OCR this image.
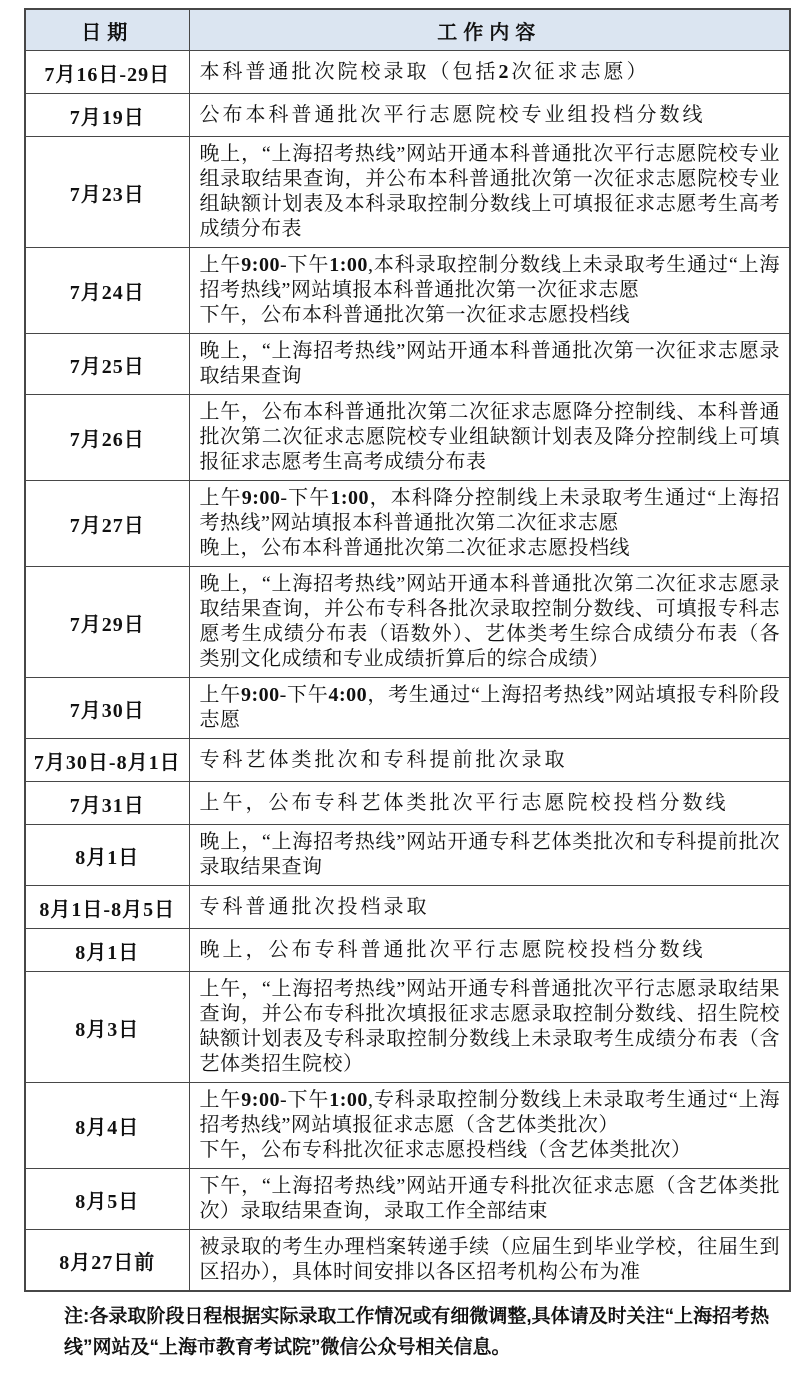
日期	工作内容
7月16日-29日	本科普通批次院校录取（包括2次征求志愿）

7月19日	公布本科普通批次平行志愿院校专业组投档分数线

7月23日	晚上，“上海招考热线”网站开通本科普通批次平行志愿院校专业组录取结果查询，并公布本科普通批次第一次征求志愿院校专业组缺额计划表及本科录取控制分数线上可填报征求志愿考生高考成绩分布表

7月24日	上午9:00-下午1:00,本科录取控制分数线上未录取考生通过“上海招考热线”网站填报本科普通批次第一次征求志愿
下午，公布本科普通批次第一次征求志愿投档线

7月25日	晚上，“上海招考热线”网站开通本科普通批次第一次征求志愿录取结果查询

7月26日	上午，公布本科普通批次第二次征求志愿降分控制线、本科普通批次第二次征求志愿院校专业组缺额计划表及降分控制线上可填报征求志愿考生高考成绩分布表

7月27日	上午9:00-下午1:00，本科降分控制线上未录取考生通过“上海招考热线”网站填报本科普通批次第二次征求志愿
晚上，公布本科普通批次第二次征求志愿投档线

7月29日	晚上，“上海招考热线”网站开通本科普通批次第二次征求志愿录取结果查询，并公布专科各批次录取控制分数线、可填报专科志愿考生成绩分布表（语数外）、艺体类考生综合成绩分布表（各类别文化成绩和专业成绩折算后的综合成绩）

7月30日	上午9:00-下午4:00，考生通过“上海招考热线”网站填报专科阶段志愿

7月30日-8月1日	专科艺体类批次和专科提前批次录取

7月31日	上午，公布专科艺体类批次平行志愿院校投档分数线

8月1日	晚上，“上海招考热线”网站开通专科艺体类批次和专科提前批次录取结果查询

8月1日-8月5日	专科普通批次投档录取

8月1日	晚上，公布专科普通批次平行志愿院校投档分数线

8月3日	上午，“上海招考热线”网站开通专科普通批次平行志愿录取结果查询，并公布专科批次填报征求志愿录取控制分数线、招生院校缺额计划表及专科录取控制分数线上未录取考生成绩分布表（含艺体类招生院校）

8月4日	上午9:00-下午1:00,专科录取控制分数线上未录取考生通过“上海招考热线”网站填报征求志愿（含艺体类批次）
下午，公布专科批次征求志愿投档线（含艺体类批次）

8月5日	下午，“上海招考热线”网站开通专科批次征求志愿（含艺体类批次）录取结果查询，录取工作全部结束

8月27日前	被录取的考生办理档案转递手续（应届生到毕业学校，往届生到区招办），具体时间安排以各区招考机构公布为准
注:各录取阶段日程根据实际录取工作情况或有细微调整,具体请及时关注“上海招考热线”网站及“上海市教育考试院”微信公众号相关信息。
